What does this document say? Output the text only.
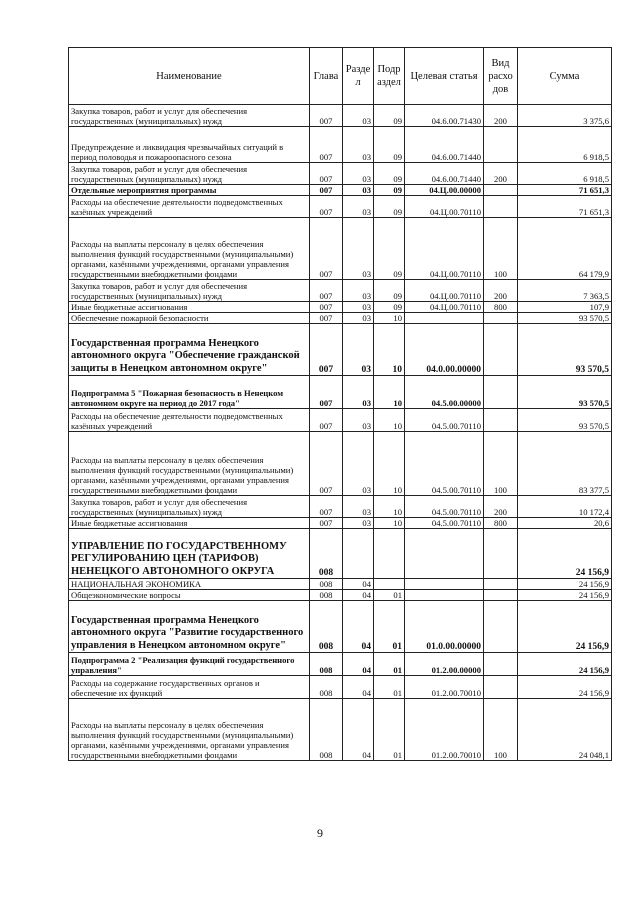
Наименование	Глава	Разде л	Подр аздел	Целевая статья	Вид расхо дов	Сумма
Закупка товаров, работ и услуг для обеспечения государственных (муниципальных) нужд	007	03	09	04.6.00.71430	200	3 375,6
Предупреждение и ликвидация чрезвычайных ситуаций в период половодья и пожароопасного сезона	007	03	09	04.6.00.71440		6 918,5
Закупка товаров, работ и услуг для обеспечения государственных (муниципальных) нужд	007	03	09	04.6.00.71440	200	6 918,5
Отдельные мероприятия программы	007	03	09	04.Ц.00.00000		71 651,3
Расходы на обеспечение деятельности подведомственных казённых учреждений	007	03	09	04.Ц.00.70110		71 651,3
Расходы на выплаты персоналу в целях обеспечения выполнения функций государственными (муниципальными) органами, казёнными учреждениями, органами управления государственными внебюджетными фондами	007	03	09	04.Ц.00.70110	100	64 179,9
Закупка товаров, работ и услуг для обеспечения государственных (муниципальных) нужд	007	03	09	04.Ц.00.70110	200	7 363,5
Иные бюджетные ассигнования	007	03	09	04.Ц.00.70110	800	107,9
Обеспечение пожарной безопасности	007	03	10			93 570,5
Государственная программа Ненецкого автономного округа "Обеспечение гражданской защиты в Ненецком автономном округе"	007	03	10	04.0.00.00000		93 570,5
Подпрограмма 5 "Пожарная безопасность в Ненецком автономном округе на период до 2017 года"	007	03	10	04.5.00.00000		93 570,5
Расходы на обеспечение деятельности подведомственных казённых учреждений	007	03	10	04.5.00.70110		93 570,5
Расходы на выплаты персоналу в целях обеспечения выполнения функций государственными (муниципальными) органами, казёнными учреждениями, органами управления государственными внебюджетными фондами	007	03	10	04.5.00.70110	100	83 377,5
Закупка товаров, работ и услуг для обеспечения государственных (муниципальных) нужд	007	03	10	04.5.00.70110	200	10 172,4
Иные бюджетные ассигнования	007	03	10	04.5.00.70110	800	20,6
УПРАВЛЕНИЕ ПО ГОСУДАРСТВЕННОМУ РЕГУЛИРОВАНИЮ ЦЕН (ТАРИФОВ) НЕНЕЦКОГО АВТОНОМНОГО ОКРУГА	008					24 156,9
НАЦИОНАЛЬНАЯ ЭКОНОМИКА	008	04				24 156,9
Общеэкономические вопросы	008	04	01			24 156,9
Государственная программа Ненецкого автономного округа "Развитие государственного управления в Ненецком автономном округе"	008	04	01	01.0.00.00000		24 156,9
Подпрограмма 2 "Реализация функций государственного управления"	008	04	01	01.2.00.00000		24 156,9
Расходы на содержание государственных органов и обеспечение их функций	008	04	01	01.2.00.70010		24 156,9
Расходы на выплаты персоналу в целях обеспечения выполнения функций государственными (муниципальными) органами, казёнными учреждениями, органами управления государственными внебюджетными фондами	008	04	01	01.2.00.70010	100	24 048,1
9
